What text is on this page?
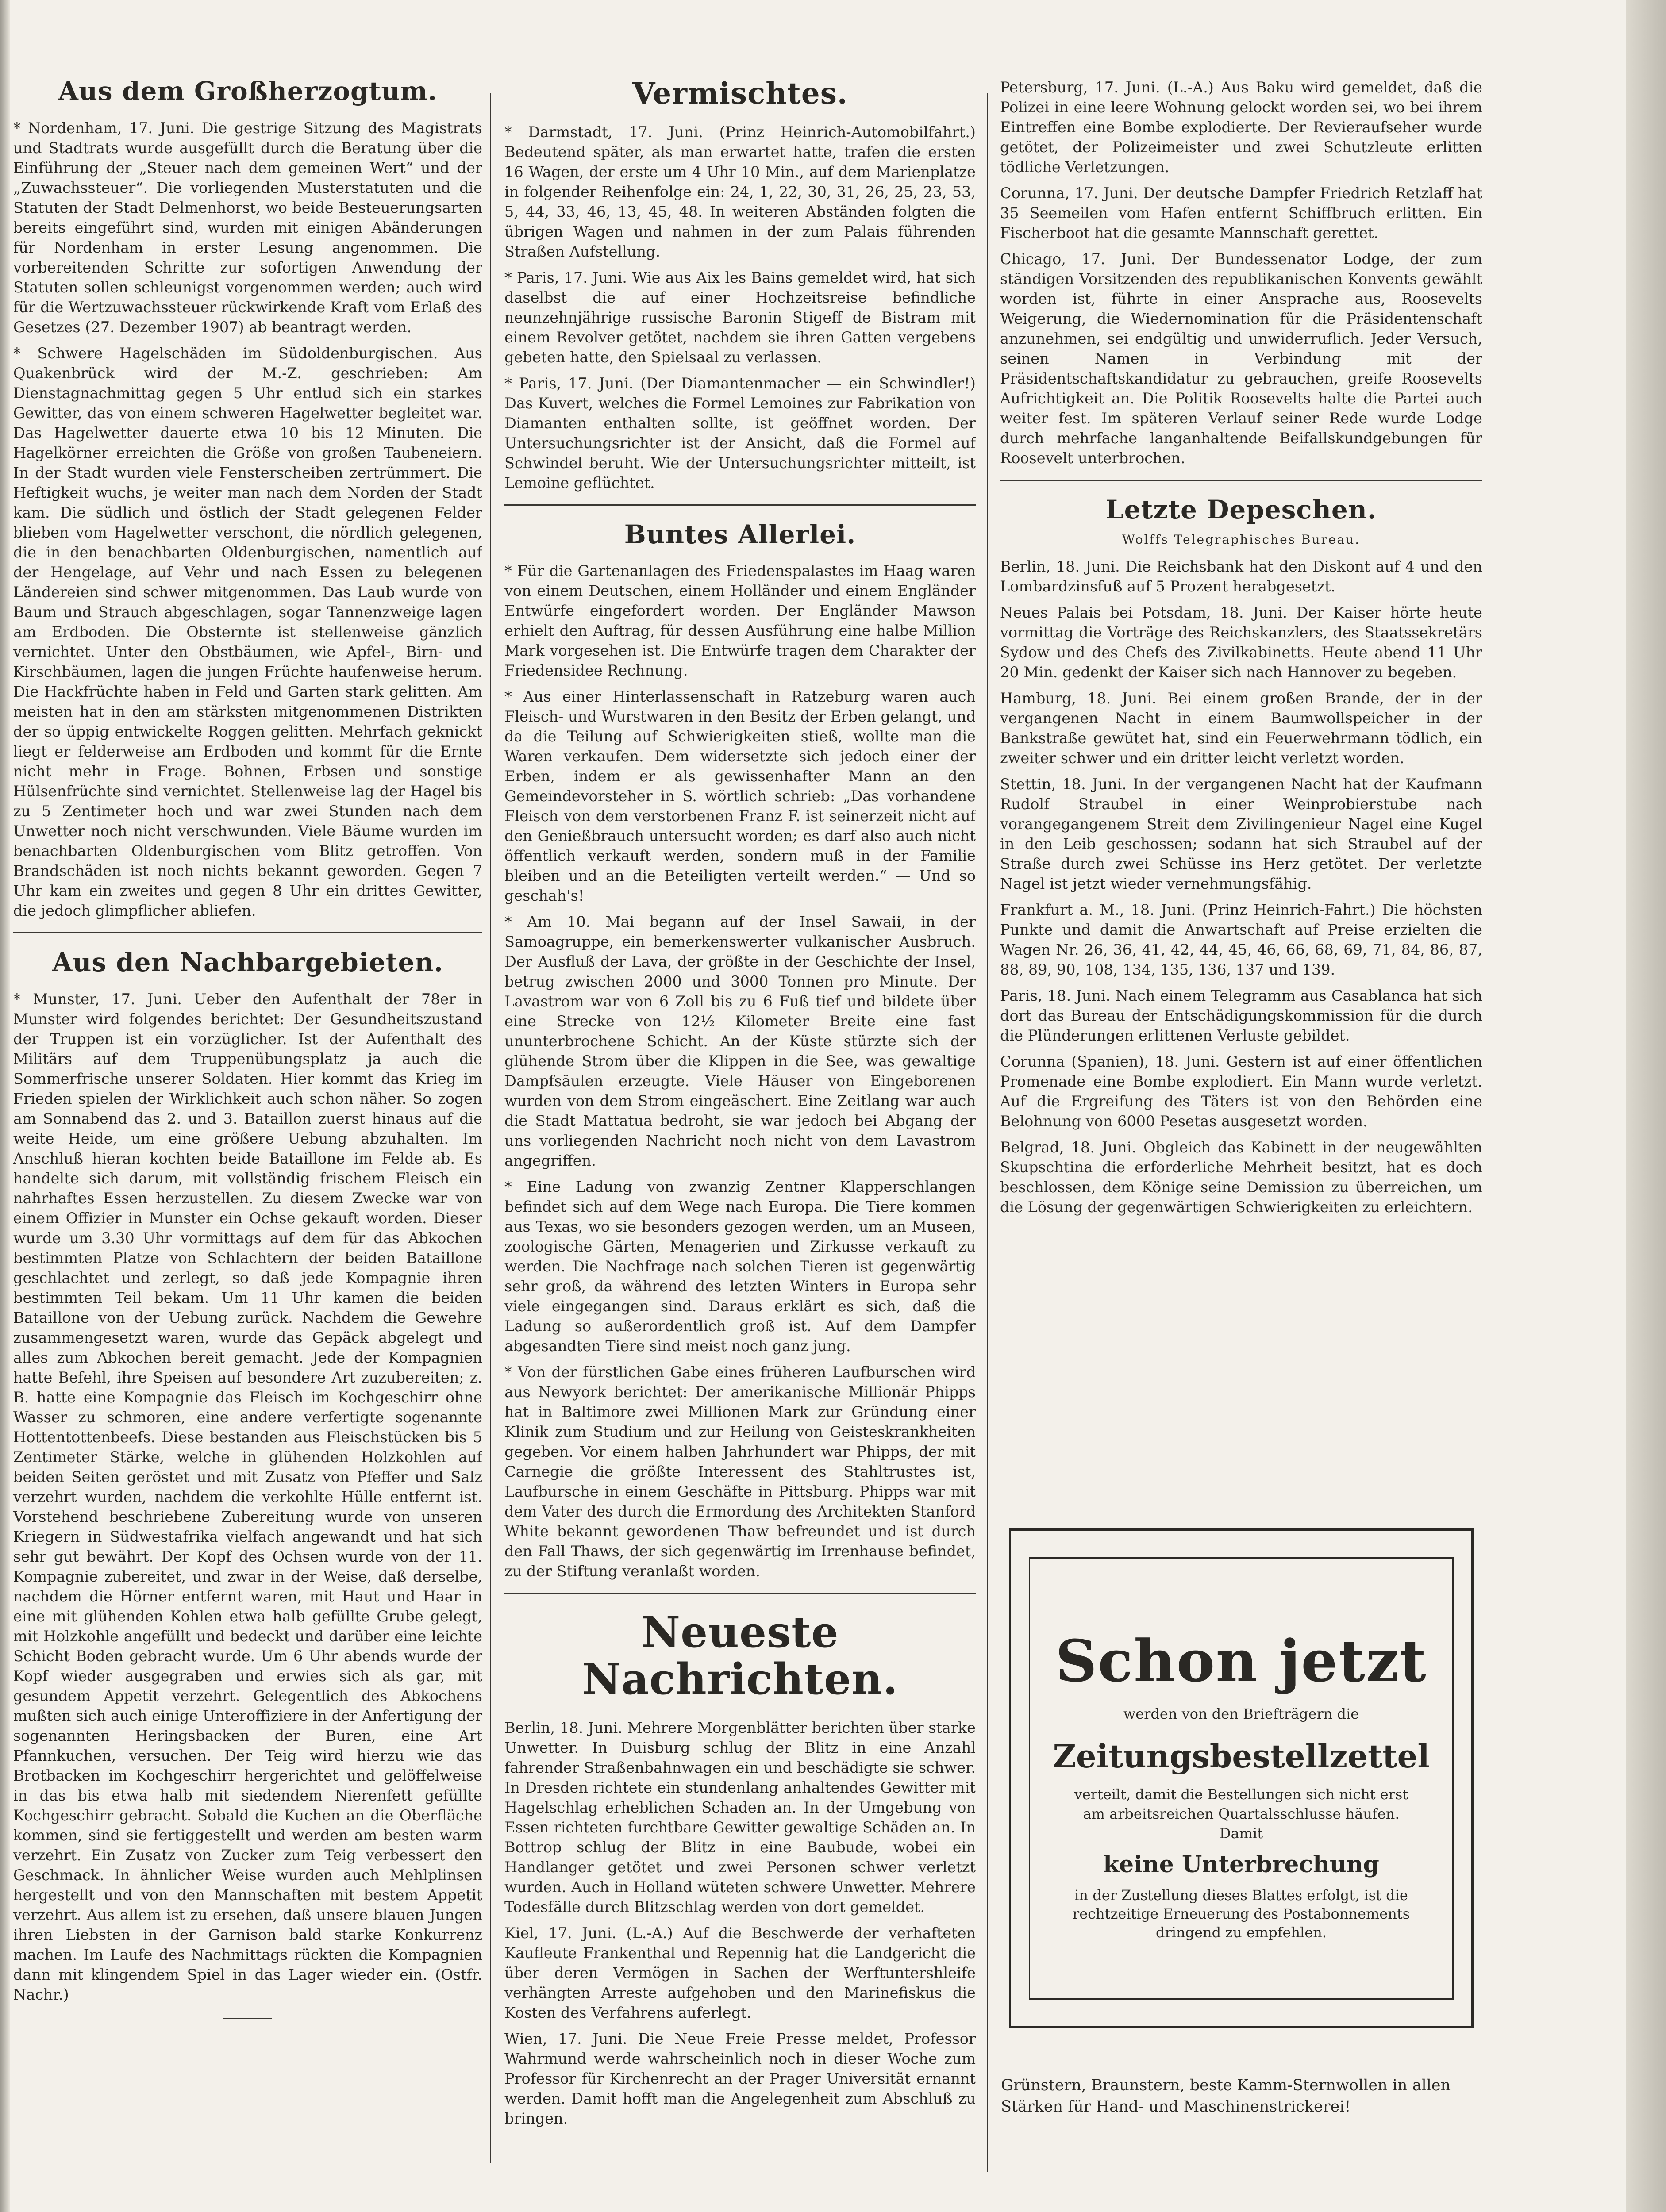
Aus dem Großherzogtum.

* Nordenham, 17. Juni. Die gestrige Sitzung des Magistrats und Stadtrats wurde ausgefüllt durch die Beratung über die Einführung der „Steuer nach dem gemeinen Wert“ und der „Zuwachssteuer“. Die vorliegenden Musterstatuten und die Statuten der Stadt Delmenhorst, wo beide Besteuerungsarten bereits eingeführt sind, wurden mit einigen Abänderungen für Nordenham in erster Lesung angenommen. Die vorbereitenden Schritte zur sofortigen Anwendung der Statuten sollen schleunigst vorgenommen werden; auch wird für die Wertzuwachssteuer rückwirkende Kraft vom Erlaß des Gesetzes (27. Dezember 1907) ab beantragt werden.

* Schwere Hagelschäden im Südoldenburgischen. Aus Quakenbrück wird der M.-Z. geschrieben: Am Dienstagnachmittag gegen 5 Uhr entlud sich ein starkes Gewitter, das von einem schweren Hagelwetter begleitet war. Das Hagelwetter dauerte etwa 10 bis 12 Minuten. Die Hagelkörner erreichten die Größe von großen Taubeneiern. In der Stadt wurden viele Fensterscheiben zertrümmert. Die Heftigkeit wuchs, je weiter man nach dem Norden der Stadt kam. Die südlich und östlich der Stadt gelegenen Felder blieben vom Hagelwetter verschont, die nördlich gelegenen, die in den benachbarten Oldenburgischen, namentlich auf der Hengelage, auf Vehr und nach Essen zu belegenen Ländereien sind schwer mitgenommen. Das Laub wurde von Baum und Strauch abgeschlagen, sogar Tannenzweige lagen am Erdboden. Die Obsternte ist stellenweise gänzlich vernichtet. Unter den Obstbäumen, wie Apfel-, Birn- und Kirschbäumen, lagen die jungen Früchte haufenweise herum. Die Hackfrüchte haben in Feld und Garten stark gelitten. Am meisten hat in den am stärksten mitgenommenen Distrikten der so üppig entwickelte Roggen gelitten. Mehrfach geknickt liegt er felderweise am Erdboden und kommt für die Ernte nicht mehr in Frage. Bohnen, Erbsen und sonstige Hülsenfrüchte sind vernichtet. Stellenweise lag der Hagel bis zu 5 Zentimeter hoch und war zwei Stunden nach dem Unwetter noch nicht verschwunden. Viele Bäume wurden im benachbarten Oldenburgischen vom Blitz getroffen. Von Brandschäden ist noch nichts bekannt geworden. Gegen 7 Uhr kam ein zweites und gegen 8 Uhr ein drittes Gewitter, die jedoch glimpflicher abliefen.

Aus den Nachbargebieten.

* Munster, 17. Juni. Ueber den Aufenthalt der 78er in Munster wird folgendes berichtet: Der Gesundheitszustand der Truppen ist ein vorzüglicher. Ist der Aufenthalt des Militärs auf dem Truppenübungsplatz ja auch die Sommerfrische unserer Soldaten. Hier kommt das Krieg im Frieden spielen der Wirklichkeit auch schon näher. So zogen am Sonnabend das 2. und 3. Bataillon zuerst hinaus auf die weite Heide, um eine größere Uebung abzuhalten. Im Anschluß hieran kochten beide Bataillone im Felde ab. Es handelte sich darum, mit vollständig frischem Fleisch ein nahrhaftes Essen herzustellen. Zu diesem Zwecke war von einem Offizier in Munster ein Ochse gekauft worden. Dieser wurde um 3.30 Uhr vormittags auf dem für das Abkochen bestimmten Platze von Schlachtern der beiden Bataillone geschlachtet und zerlegt, so daß jede Kompagnie ihren bestimmten Teil bekam. Um 11 Uhr kamen die beiden Bataillone von der Uebung zurück. Nachdem die Gewehre zusammengesetzt waren, wurde das Gepäck abgelegt und alles zum Abkochen bereit gemacht. Jede der Kompagnien hatte Befehl, ihre Speisen auf besondere Art zuzubereiten; z. B. hatte eine Kompagnie das Fleisch im Kochgeschirr ohne Wasser zu schmoren, eine andere verfertigte sogenannte Hottentottenbeefs. Diese bestanden aus Fleischstücken bis 5 Zentimeter Stärke, welche in glühenden Holzkohlen auf beiden Seiten geröstet und mit Zusatz von Pfeffer und Salz verzehrt wurden, nachdem die verkohlte Hülle entfernt ist. Vorstehend beschriebene Zubereitung wurde von unseren Kriegern in Südwestafrika vielfach angewandt und hat sich sehr gut bewährt. Der Kopf des Ochsen wurde von der 11. Kompagnie zubereitet, und zwar in der Weise, daß derselbe, nachdem die Hörner entfernt waren, mit Haut und Haar in eine mit glühenden Kohlen etwa halb gefüllte Grube gelegt, mit Holzkohle angefüllt und bedeckt und darüber eine leichte Schicht Boden gebracht wurde. Um 6 Uhr abends wurde der Kopf wieder ausgegraben und erwies sich als gar, mit gesundem Appetit verzehrt. Gelegentlich des Abkochens mußten sich auch einige Unteroffiziere in der Anfertigung der sogenannten Heringsbacken der Buren, eine Art Pfannkuchen, versuchen. Der Teig wird hierzu wie das Brotbacken im Kochgeschirr hergerichtet und gelöffelweise in das bis etwa halb mit siedendem Nierenfett gefüllte Kochgeschirr gebracht. Sobald die Kuchen an die Oberfläche kommen, sind sie fertiggestellt und werden am besten warm verzehrt. Ein Zusatz von Zucker zum Teig verbessert den Geschmack. In ähnlicher Weise wurden auch Mehlplinsen hergestellt und von den Mannschaften mit bestem Appetit verzehrt. Aus allem ist zu ersehen, daß unsere blauen Jungen ihren Liebsten in der Garnison bald starke Konkurrenz machen. Im Laufe des Nachmittags rückten die Kompagnien dann mit klingendem Spiel in das Lager wieder ein. (Ostfr. Nachr.)

Vermischtes.

* Darmstadt, 17. Juni. (Prinz Heinrich-Automobilfahrt.) Bedeutend später, als man erwartet hatte, trafen die ersten 16 Wagen, der erste um 4 Uhr 10 Min., auf dem Marienplatze in folgender Reihenfolge ein: 24, 1, 22, 30, 31, 26, 25, 23, 53, 5, 44, 33, 46, 13, 45, 48. In weiteren Abständen folgten die übrigen Wagen und nahmen in der zum Palais führenden Straßen Aufstellung.

* Paris, 17. Juni. Wie aus Aix les Bains gemeldet wird, hat sich daselbst die auf einer Hochzeitsreise befindliche neunzehnjährige russische Baronin Stigeff de Bistram mit einem Revolver getötet, nachdem sie ihren Gatten vergebens gebeten hatte, den Spielsaal zu verlassen.

* Paris, 17. Juni. (Der Diamantenmacher — ein Schwindler!) Das Kuvert, welches die Formel Lemoines zur Fabrikation von Diamanten enthalten sollte, ist geöffnet worden. Der Untersuchungsrichter ist der Ansicht, daß die Formel auf Schwindel beruht. Wie der Untersuchungsrichter mitteilt, ist Lemoine geflüchtet.

Buntes Allerlei.

* Für die Gartenanlagen des Friedenspalastes im Haag waren von einem Deutschen, einem Holländer und einem Engländer Entwürfe eingefordert worden. Der Engländer Mawson erhielt den Auftrag, für dessen Ausführung eine halbe Million Mark vorgesehen ist. Die Entwürfe tragen dem Charakter der Friedensidee Rechnung.

* Aus einer Hinterlassenschaft in Ratzeburg waren auch Fleisch- und Wurstwaren in den Besitz der Erben gelangt, und da die Teilung auf Schwierigkeiten stieß, wollte man die Waren verkaufen. Dem widersetzte sich jedoch einer der Erben, indem er als gewissenhafter Mann an den Gemeindevorsteher in S. wörtlich schrieb: „Das vorhandene Fleisch von dem verstorbenen Franz F. ist seinerzeit nicht auf den Genießbrauch untersucht worden; es darf also auch nicht öffentlich verkauft werden, sondern muß in der Familie bleiben und an die Beteiligten verteilt werden.“ — Und so geschah's!

* Am 10. Mai begann auf der Insel Sawaii, in der Samoagruppe, ein bemerkenswerter vulkanischer Ausbruch. Der Ausfluß der Lava, der größte in der Geschichte der Insel, betrug zwischen 2000 und 3000 Tonnen pro Minute. Der Lavastrom war von 6 Zoll bis zu 6 Fuß tief und bildete über eine Strecke von 12½ Kilometer Breite eine fast ununterbrochene Schicht. An der Küste stürzte sich der glühende Strom über die Klippen in die See, was gewaltige Dampfsäulen erzeugte. Viele Häuser von Eingeborenen wurden von dem Strom eingeäschert. Eine Zeitlang war auch die Stadt Mattatua bedroht, sie war jedoch bei Abgang der uns vorliegenden Nachricht noch nicht von dem Lavastrom angegriffen.

* Eine Ladung von zwanzig Zentner Klapperschlangen befindet sich auf dem Wege nach Europa. Die Tiere kommen aus Texas, wo sie besonders gezogen werden, um an Museen, zoologische Gärten, Menagerien und Zirkusse verkauft zu werden. Die Nachfrage nach solchen Tieren ist gegenwärtig sehr groß, da während des letzten Winters in Europa sehr viele eingegangen sind. Daraus erklärt es sich, daß die Ladung so außerordentlich groß ist. Auf dem Dampfer abgesandten Tiere sind meist noch ganz jung.

* Von der fürstlichen Gabe eines früheren Laufburschen wird aus Newyork berichtet: Der amerikanische Millionär Phipps hat in Baltimore zwei Millionen Mark zur Gründung einer Klinik zum Studium und zur Heilung von Geisteskrankheiten gegeben. Vor einem halben Jahrhundert war Phipps, der mit Carnegie die größte Interessent des Stahltrustes ist, Laufbursche in einem Geschäfte in Pittsburg. Phipps war mit dem Vater des durch die Ermordung des Architekten Stanford White bekannt gewordenen Thaw befreundet und ist durch den Fall Thaws, der sich gegenwärtig im Irrenhause befindet, zu der Stiftung veranlaßt worden.

Neueste Nachrichten.

Berlin, 18. Juni. Mehrere Morgenblätter berichten über starke Unwetter. In Duisburg schlug der Blitz in eine Anzahl fahrender Straßenbahnwagen ein und beschädigte sie schwer. In Dresden richtete ein stundenlang anhaltendes Gewitter mit Hagelschlag erheblichen Schaden an. In der Umgebung von Essen richteten furchtbare Gewitter gewaltige Schäden an. In Bottrop schlug der Blitz in eine Baubude, wobei ein Handlanger getötet und zwei Personen schwer verletzt wurden. Auch in Holland wüteten schwere Unwetter. Mehrere Todesfälle durch Blitzschlag werden von dort gemeldet.

Kiel, 17. Juni. (L.-A.) Auf die Beschwerde der verhafteten Kaufleute Frankenthal und Repennig hat die Landgericht die über deren Vermögen in Sachen der Werftuntershleife verhängten Arreste aufgehoben und den Marinefiskus die Kosten des Verfahrens auferlegt.

Wien, 17. Juni. Die Neue Freie Presse meldet, Professor Wahrmund werde wahrscheinlich noch in dieser Woche zum Professor für Kirchenrecht an der Prager Universität ernannt werden. Damit hofft man die Angelegenheit zum Abschluß zu bringen.

Petersburg, 17. Juni. (L.-A.) Aus Baku wird gemeldet, daß die Polizei in eine leere Wohnung gelockt worden sei, wo bei ihrem Eintreffen eine Bombe explodierte. Der Revieraufseher wurde getötet, der Polizeimeister und zwei Schutzleute erlitten tödliche Verletzungen.

Corunna, 17. Juni. Der deutsche Dampfer Friedrich Retzlaff hat 35 Seemeilen vom Hafen entfernt Schiffbruch erlitten. Ein Fischerboot hat die gesamte Mannschaft gerettet.

Chicago, 17. Juni. Der Bundessenator Lodge, der zum ständigen Vorsitzenden des republikanischen Konvents gewählt worden ist, führte in einer Ansprache aus, Roosevelts Weigerung, die Wiedernomination für die Präsidentenschaft anzunehmen, sei endgültig und unwiderruflich. Jeder Versuch, seinen Namen in Verbindung mit der Präsidentschaftskandidatur zu gebrauchen, greife Roosevelts Aufrichtigkeit an. Die Politik Roosevelts halte die Partei auch weiter fest. Im späteren Verlauf seiner Rede wurde Lodge durch mehrfache langanhaltende Beifallskundgebungen für Roosevelt unterbrochen.

Letzte Depeschen.
Wolffs Telegraphisches Bureau.

Berlin, 18. Juni. Die Reichsbank hat den Diskont auf 4 und den Lombardzinsfuß auf 5 Prozent herabgesetzt.

Neues Palais bei Potsdam, 18. Juni. Der Kaiser hörte heute vormittag die Vorträge des Reichskanzlers, des Staatssekretärs Sydow und des Chefs des Zivilkabinetts. Heute abend 11 Uhr 20 Min. gedenkt der Kaiser sich nach Hannover zu begeben.

Hamburg, 18. Juni. Bei einem großen Brande, der in der vergangenen Nacht in einem Baumwollspeicher in der Bankstraße gewütet hat, sind ein Feuerwehrmann tödlich, ein zweiter schwer und ein dritter leicht verletzt worden.

Stettin, 18. Juni. In der vergangenen Nacht hat der Kaufmann Rudolf Straubel in einer Weinprobierstube nach vorangegangenem Streit dem Zivilingenieur Nagel eine Kugel in den Leib geschossen; sodann hat sich Straubel auf der Straße durch zwei Schüsse ins Herz getötet. Der verletzte Nagel ist jetzt wieder vernehmungsfähig.

Frankfurt a. M., 18. Juni. (Prinz Heinrich-Fahrt.) Die höchsten Punkte und damit die Anwartschaft auf Preise erzielten die Wagen Nr. 26, 36, 41, 42, 44, 45, 46, 66, 68, 69, 71, 84, 86, 87, 88, 89, 90, 108, 134, 135, 136, 137 und 139.

Paris, 18. Juni. Nach einem Telegramm aus Casablanca hat sich dort das Bureau der Entschädigungskommission für die durch die Plünderungen erlittenen Verluste gebildet.

Corunna (Spanien), 18. Juni. Gestern ist auf einer öffentlichen Promenade eine Bombe explodiert. Ein Mann wurde verletzt. Auf die Ergreifung des Täters ist von den Behörden eine Belohnung von 6000 Pesetas ausgesetzt worden.

Belgrad, 18. Juni. Obgleich das Kabinett in der neugewählten Skupschtina die erforderliche Mehrheit besitzt, hat es doch beschlossen, dem Könige seine Demission zu überreichen, um die Lösung der gegenwärtigen Schwierigkeiten zu erleichtern.

Schon jetzt
werden von den Briefträgern die
Zeitungsbestellzettel
verteilt, damit die Bestellungen sich nicht erst am arbeitsreichen Quartalsschlusse häufen. Damit
keine Unterbrechung
in der Zustellung dieses Blattes erfolgt, ist die rechtzeitige Erneuerung des Postabonnements dringend zu empfehlen.
Grünstern, Braunstern, beste Kamm-Sternwollen in allen Stärken für Hand- und Maschinenstrickerei!
